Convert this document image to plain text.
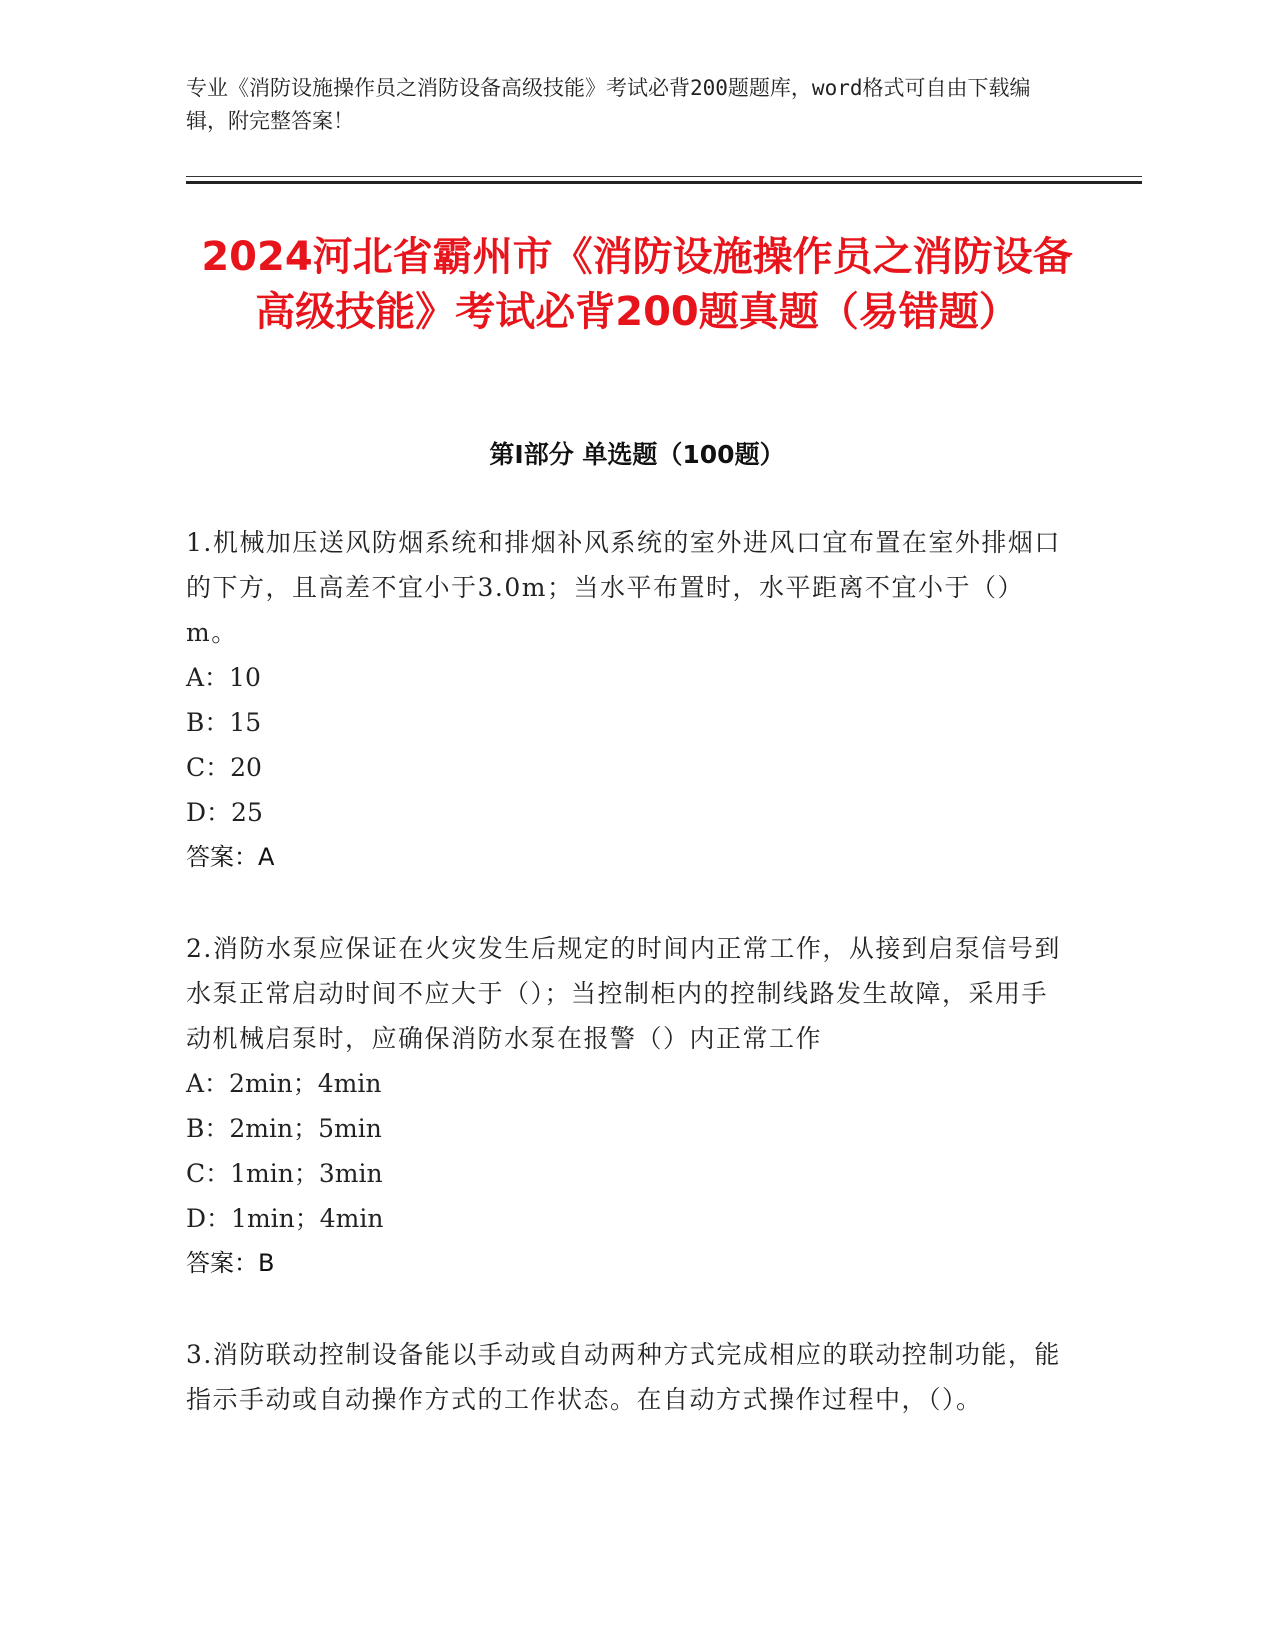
专业《消防设施操作员之消防设备高级技能》考试必背200题题库，word格式可自由下载编辑，附完整答案！
2024河北省霸州市《消防设施操作员之消防设备高级技能》考试必背200题真题（易错题）
第I部分 单选题（100题）
1.机械加压送风防烟系统和排烟补风系统的室外进风口宜布置在室外排烟口的下方，且高差不宜小于3.0m；当水平布置时，水平距离不宜小于（）m。
A：10
B：15
C：20
D：25
答案：A
2.消防水泵应保证在火灾发生后规定的时间内正常工作，从接到启泵信号到水泵正常启动时间不应大于（）；当控制柜内的控制线路发生故障，采用手动机械启泵时，应确保消防水泵在报警（）内正常工作
A：2min；4min
B：2min；5min
C：1min；3min
D：1min；4min
答案：B
3.消防联动控制设备能以手动或自动两种方式完成相应的联动控制功能，能指示手动或自动操作方式的工作状态。在自动方式操作过程中，（）。
